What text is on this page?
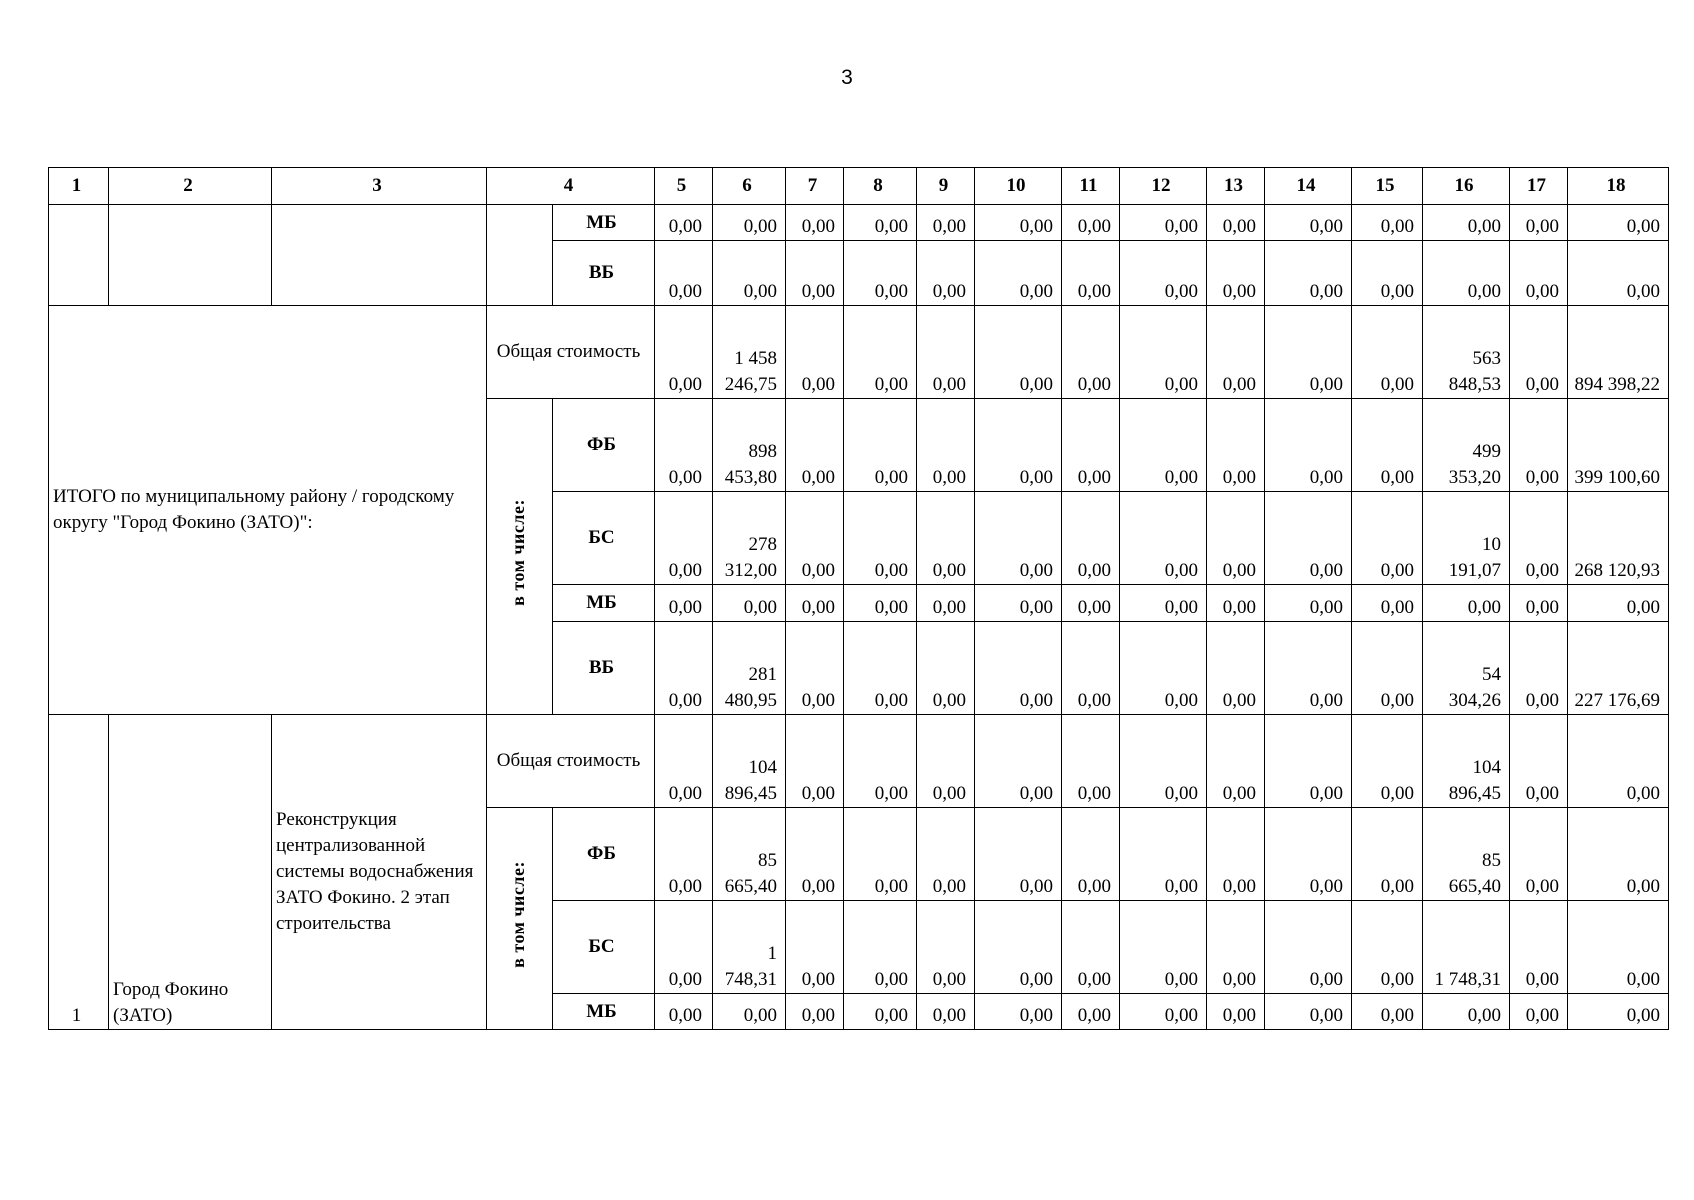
3
1	2	3	4		5	6	7	8	9	10	11	12	13	14	15	16	17	18
				МБ	0,00	0,00	0,00	0,00	0,00	0,00	0,00	0,00	0,00	0,00	0,00	0,00	0,00	0,00
				ВБ	0,00	0,00	0,00	0,00	0,00	0,00	0,00	0,00	0,00	0,00	0,00	0,00	0,00	0,00
ИТОГО по муниципальному району / городскому округу "Город Фокино (ЗАТО)":			Общая стоимость		0,00	1 458 246,75	0,00	0,00	0,00	0,00	0,00	0,00	0,00	0,00	0,00	563 848,53	0,00	894 398,22
			в том числе:	ФБ	0,00	898 453,80	0,00	0,00	0,00	0,00	0,00	0,00	0,00	0,00	0,00	499 353,20	0,00	399 100,60
				БС	0,00	278 312,00	0,00	0,00	0,00	0,00	0,00	0,00	0,00	0,00	0,00	10 191,07	0,00	268 120,93
				МБ	0,00	0,00	0,00	0,00	0,00	0,00	0,00	0,00	0,00	0,00	0,00	0,00	0,00	0,00
				ВБ	0,00	281 480,95	0,00	0,00	0,00	0,00	0,00	0,00	0,00	0,00	0,00	54 304,26	0,00	227 176,69

1	Город Фокино (ЗАТО)	Реконструкция централизованной системы водоснабжения ЗАТО Фокино. 2 этап строительства	Общая стоимость		0,00	104 896,45	0,00	0,00	0,00	0,00	0,00	0,00	0,00	0,00	0,00	104 896,45	0,00	0,00
			в том числе:	ФБ	0,00	85 665,40	0,00	0,00	0,00	0,00	0,00	0,00	0,00	0,00	0,00	85 665,40	0,00	0,00
				БС	0,00	1 748,31	0,00	0,00	0,00	0,00	0,00	0,00	0,00	0,00	0,00	1 748,31	0,00	0,00
				МБ	0,00	0,00	0,00	0,00	0,00	0,00	0,00	0,00	0,00	0,00	0,00	0,00	0,00	0,00
